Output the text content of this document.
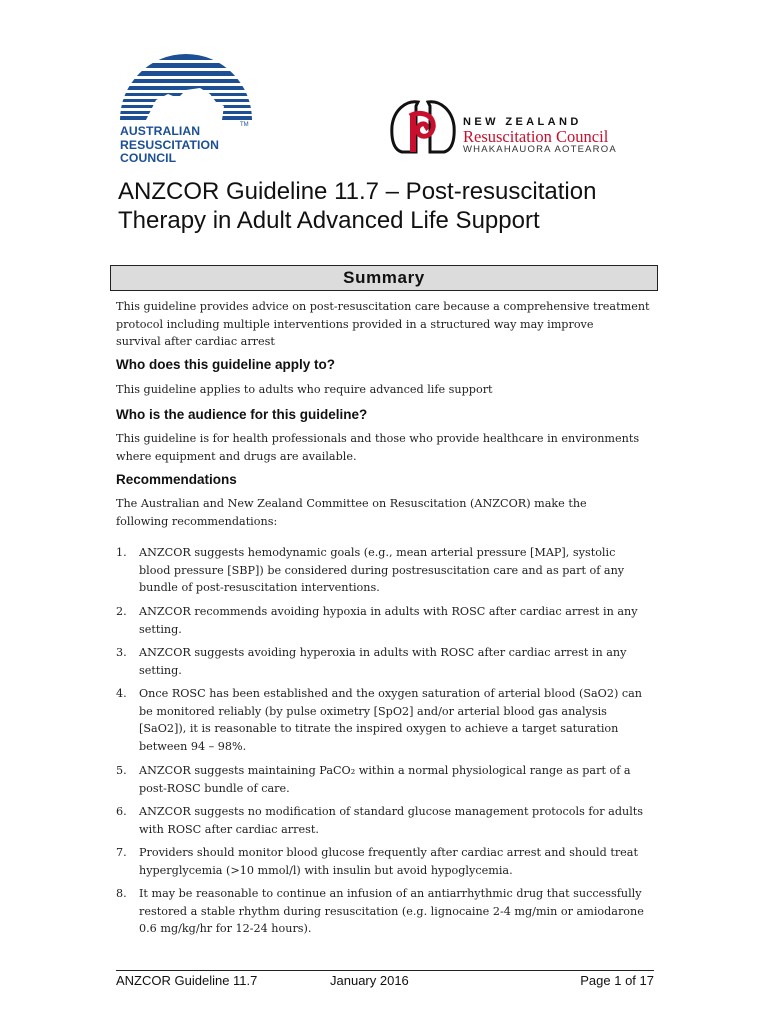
AUSTRALIAN
RESUSCITATION
COUNCIL
TM	NEW ZEALAND
Resuscitation Council
WHAKAHAUORA AOTEAROA
ANZCOR Guideline 11.7 – Post-resuscitation
Therapy in Adult Advanced Life Support
Summary
This guideline provides advice on post-resuscitation care because a comprehensive treatment
protocol including multiple interventions provided in a structured way may improve
survival after cardiac arrest
Who does this guideline apply to?
This guideline applies to adults who require advanced life support
Who is the audience for this guideline?
This guideline is for health professionals and those who provide healthcare in environments
where equipment and drugs are available.
Recommendations
The Australian and New Zealand Committee on Resuscitation (ANZCOR) make the
following recommendations:
1.	ANZCOR suggests hemodynamic goals (e.g., mean arterial pressure [MAP], systolic
blood pressure [SBP]) be considered during postresuscitation care and as part of any
bundle of post-resuscitation interventions.
2.	ANZCOR recommends avoiding hypoxia in adults with ROSC after cardiac arrest in any
setting.
3.	ANZCOR suggests avoiding hyperoxia in adults with ROSC after cardiac arrest in any
setting.
4.	Once ROSC has been established and the oxygen saturation of arterial blood (SaO2) can
be monitored reliably (by pulse oximetry [SpO2] and/or arterial blood gas analysis
[SaO2]), it is reasonable to titrate the inspired oxygen to achieve a target saturation
between 94 – 98%.
5.	ANZCOR suggests maintaining PaCO₂ within a normal physiological range as part of a
post-ROSC bundle of care.
6.	ANZCOR suggests no modification of standard glucose management protocols for adults
with ROSC after cardiac arrest.
7.	Providers should monitor blood glucose frequently after cardiac arrest and should treat
hyperglycemia (>10 mmol/l) with insulin but avoid hypoglycemia.
8.	It may be reasonable to continue an infusion of an antiarrhythmic drug that successfully
restored a stable rhythm during resuscitation (e.g. lignocaine 2-4 mg/min or amiodarone
0.6 mg/kg/hr for 12-24 hours).
ANZCOR Guideline 11.7	January 2016	Page 1 of 17
